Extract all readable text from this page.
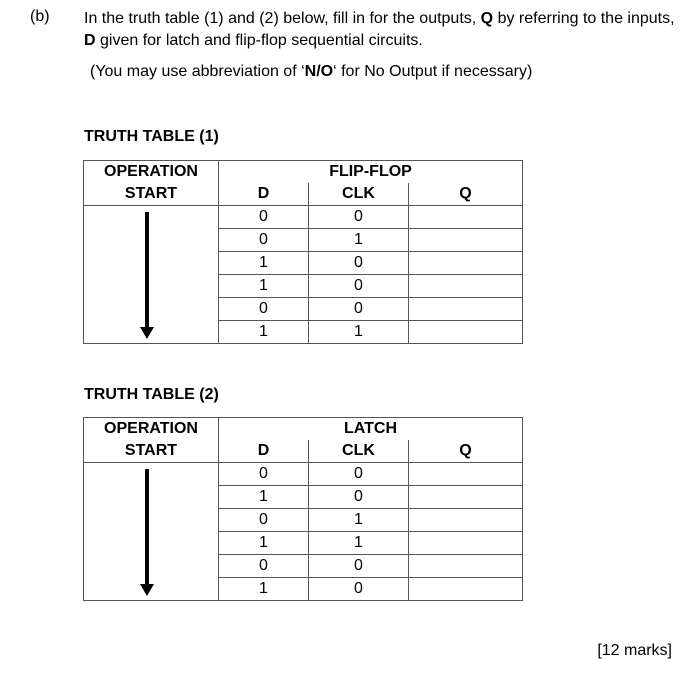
(b) In the truth table (1) and (2) below, fill in for the outputs, Q by referring to the inputs, D given for latch and flip-flop sequential circuits.
(You may use abbreviation of ‘N/O‘ for No Output if necessary)
TRUTH TABLE (1)
OPERATION	FLIP-FLOP		
START	D	CLK	Q

	0	0	
	0	1	
	1	0	
	1	0	
	0	0	
	1	1	
TRUTH TABLE (2)
OPERATION	LATCH		
START	D	CLK	Q

	0	0	
	1	0	
	0	1	
	1	1	
	0	0	
	1	0	
[12 marks]
